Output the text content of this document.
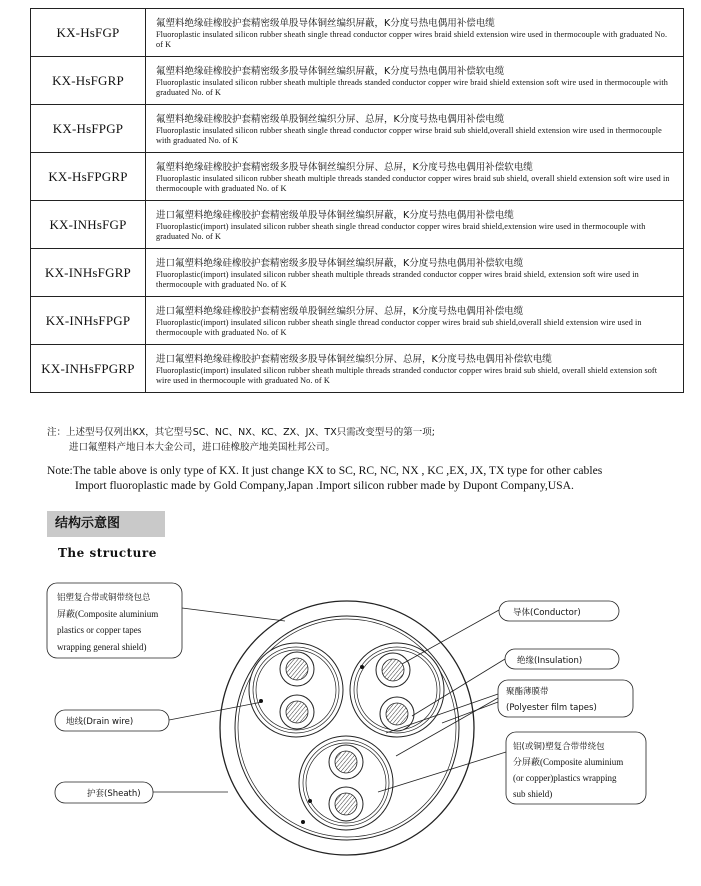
KX-HsFGP	氟塑料绝缘硅橡胶护套精密级单股导体铜丝编织屏蔽，K分度号热电偶用补偿电缆
Fluoroplastic insulated silicon rubber sheath single thread conductor copper wires braid shield extension wire used in thermocouple with graduated No. of K

KX-HsFGRP	氟塑料绝缘硅橡胶护套精密级多股导体铜丝编织屏蔽，K分度号热电偶用补偿软电缆
Fluoroplastic insulated silicon rubber sheath multiple threads standed conductor copper wire braid shield extension soft wire used in thermocouple with graduated No. of K

KX-HsFPGP	氟塑料绝缘硅橡胶护套精密级单股铜丝编织分屏、总屏，K分度号热电偶用补偿电缆
Fluoroplastic insulated silicon rubber sheath single thread conductor copper wirse braid sub shield,overall shield extension wire used in thermocouple with graduated No. of K

KX-HsFPGRP	氟塑料绝缘硅橡胶护套精密级多股导体铜丝编织分屏、总屏，K分度号热电偶用补偿软电缆
Fluoroplastic insulated silicon rubber sheath multiple threads standed conductor copper wires braid sub shield, overall shield extension soft wire used in thermocouple with graduated No. of K

KX-INHsFGP	进口氟塑料绝缘硅橡胶护套精密级单股导体铜丝编织屏蔽，K分度号热电偶用补偿电缆
Fluoroplastic(import) insulated silicon rubber sheath single thread conductor copper wires braid shield,extension wire used in thermocouple with graduated No. of K

KX-INHsFGRP	进口氟塑料绝缘硅橡胶护套精密级多股导体铜丝编织屏蔽，K分度号热电偶用补偿软电缆
Fluoroplastic(import) insulated silicon rubber sheath multiple threads stranded conductor copper wires braid shield, extension soft wire used in thermocouple with graduated No. of K

KX-INHsFPGP	进口氟塑料绝缘硅橡胶护套精密级单股铜丝编织分屏、总屏，K分度号热电偶用补偿电缆
Fluoroplastic(import) insulated silicon rubber sheath single thread conductor copper wires braid sub shield,overall shield extension wire used in thermocouple with graduated No. of K

KX-INHsFPGRP	进口氟塑料绝缘硅橡胶护套精密级多股导体铜丝编织分屏、总屏，K分度号热电偶用补偿软电缆
Fluoroplastic(import) insulated silicon rubber sheath multiple threads stranded conductor copper wires braid sub shield, overall shield extension soft wire used in thermocouple with graduated No. of K
注：上述型号仅列出KX，其它型号SC、NC、NX、KC、ZX、JX、TX只需改变型号的第一项;
进口氟塑料产地日本大金公司，进口硅橡胶产地美国杜邦公司。
Note:The table above is only type of KX. It just change KX to SC, RC, NC, NX , KC ,EX, JX, TX type for other cables
Import fluoroplastic made by Gold Company,Japan .Import silicon rubber made by Dupont Company,USA.
结构示意图
The structure
铝塑复合带或铜带绕包总
屏蔽(Composite aluminium
plastics or copper tapes
wrapping general shield)
地线(Drain wire)
护套(Sheath)
导体(Conductor)
绝缘(Insulation)
聚酯薄膜带
(Polyester film tapes)
铝(或铜)塑复合带带绕包
分屏蔽(Composite aluminium
(or copper)plastics wrapping
sub shield)
